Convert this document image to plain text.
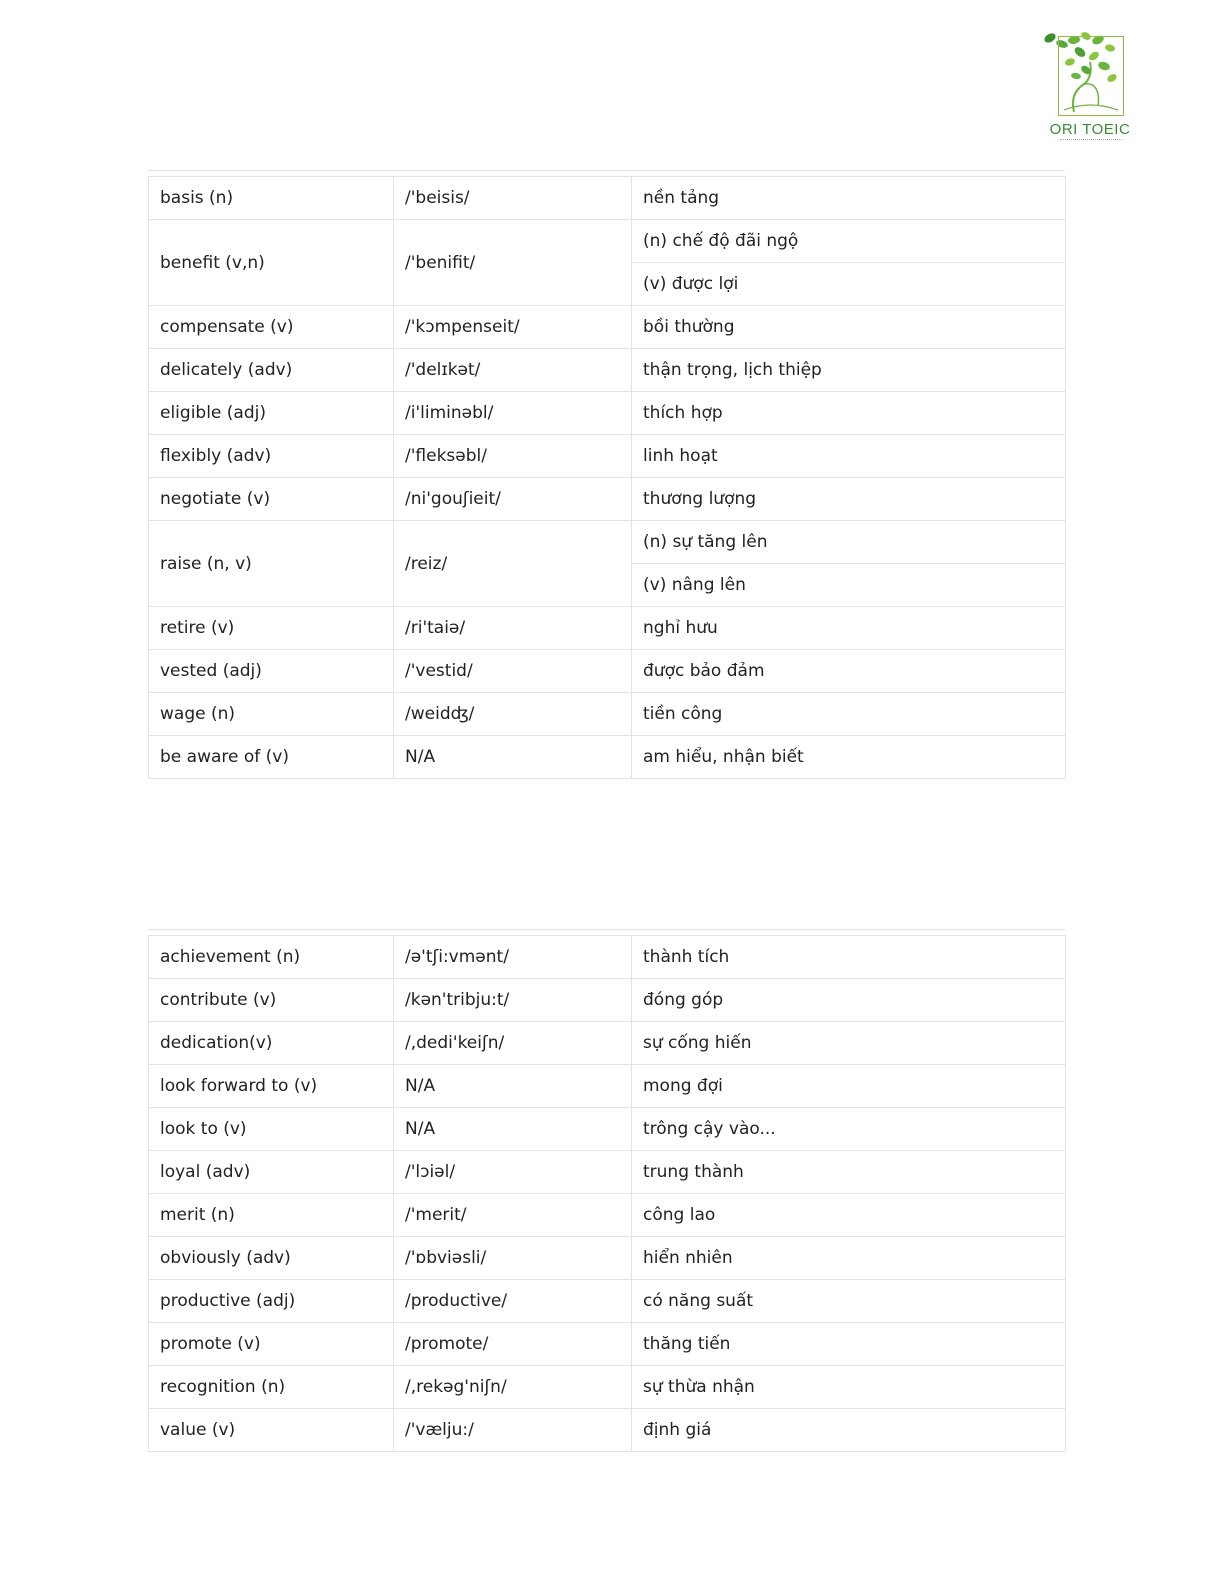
ORI TOEIC
basis (n)	/'beisis/	nền tảng
benefit (v,n)	/'benifit/	(n) chế độ đãi ngộ
		(v) được lợi
compensate (v)	/'kɔmpenseit/	bồi thường
delicately (adv)	/'delɪkət/	thận trọng, lịch thiệp
eligible (adj)	/i'liminəbl/	thích hợp
flexibly (adv)	/'fleksəbl/	linh hoạt
negotiate (v)	/ni'gouʃieit/	thương lượng
raise (n, v)	/reiz/	(n) sự tăng lên
		(v) nâng lên
retire (v)	/ri'taiə/	nghỉ hưu
vested (adj)	/'vestid/	được bảo đảm
wage (n)	/weidʤ/	tiền công
be aware of (v)	N/A	am hiểu, nhận biết
achievement (n)	/ə'tʃi:vmənt/	thành tích
contribute (v)	/kən'tribju:t/	đóng góp
dedication(v)	/,dedi'keiʃn/	sự cống hiến
look forward to (v)	N/A	mong đợi
look to (v)	N/A	trông cậy vào...
loyal (adv)	/'lɔiəl/	trung thành
merit (n)	/'merit/	công lao
obviously (adv)	/'ɒbviəsli/	hiển nhiên
productive (adj)	/productive/	có năng suất
promote (v)	/promote/	thăng tiến
recognition (n)	/,rekəg'niʃn/	sự thừa nhận
value (v)	/'vælju:/	định giá
